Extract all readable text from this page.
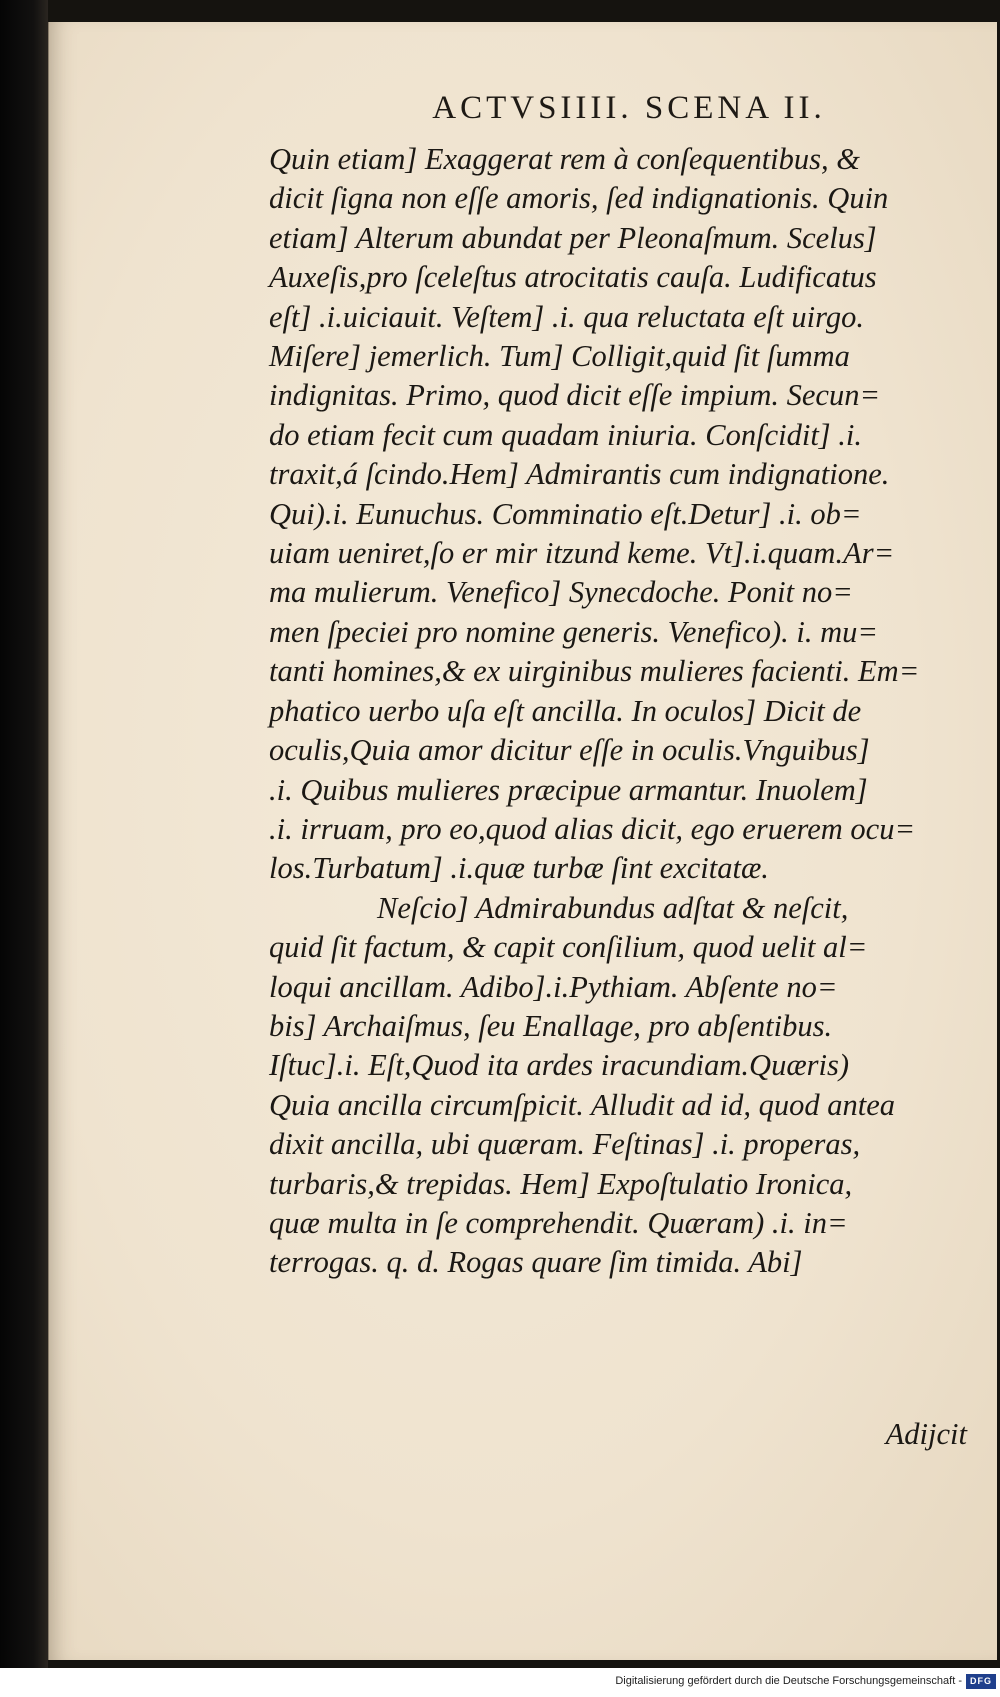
ACTVSIIII. SCENA II.

Quin etiam] Exaggerat rem à conſequentibus, &

dicit ſigna non eſſe amoris, ſed indignationis. Quin

etiam] Alterum abundat per Pleonaſmum. Scelus]

Auxeſis,pro ſceleſtus atrocitatis cauſa. Ludificatus

eſt] .i.uiciauit. Veſtem] .i. qua reluctata eſt uirgo.

Miſere] jemerlich. Tum] Colligit,quid ſit ſumma

indignitas. Primo, quod dicit eſſe impium. Secun=

do etiam fecit cum quadam iniuria. Conſcidit] .i.

traxit,á ſcindo.Hem] Admirantis cum indignatione.

Qui).i. Eunuchus. Comminatio eſt.Detur] .i. ob=

uiam ueniret,ſo er mir itzund keme. Vt].i.quam.Ar=

ma mulierum. Venefico] Synecdoche. Ponit no=

men ſpeciei pro nomine generis. Venefico). i. mu=

tanti homines,& ex uirginibus mulieres facienti. Em=

phatico uerbo uſa eſt ancilla. In oculos] Dicit de

oculis,Quia amor dicitur eſſe in oculis.Vnguibus]

.i. Quibus mulieres præcipue armantur. Inuolem]

.i. irruam, pro eo,quod alias dicit, ego eruerem ocu=

los.Turbatum] .i.quæ turbæ ſint excitatæ.

Neſcio] Admirabundus adſtat & neſcit,

quid ſit factum, & capit conſilium, quod uelit al=

loqui ancillam. Adibo].i.Pythiam. Abſente no=

bis] Archaiſmus, ſeu Enallage, pro abſentibus.

Iſtuc].i. Eſt,Quod ita ardes iracundiam.Quæris)

Quia ancilla circumſpicit. Alludit ad id, quod antea

dixit ancilla, ubi quæram. Feſtinas] .i. properas,

turbaris,& trepidas. Hem] Expoſtulatio Ironica,

quæ multa in ſe comprehendit. Quæram) .i. in=

terrogas. q. d. Rogas quare ſim timida. Abi]

Adijcit
Digitalisierung gefördert durch die Deutsche Forschungsgemeinschaft - DFG
